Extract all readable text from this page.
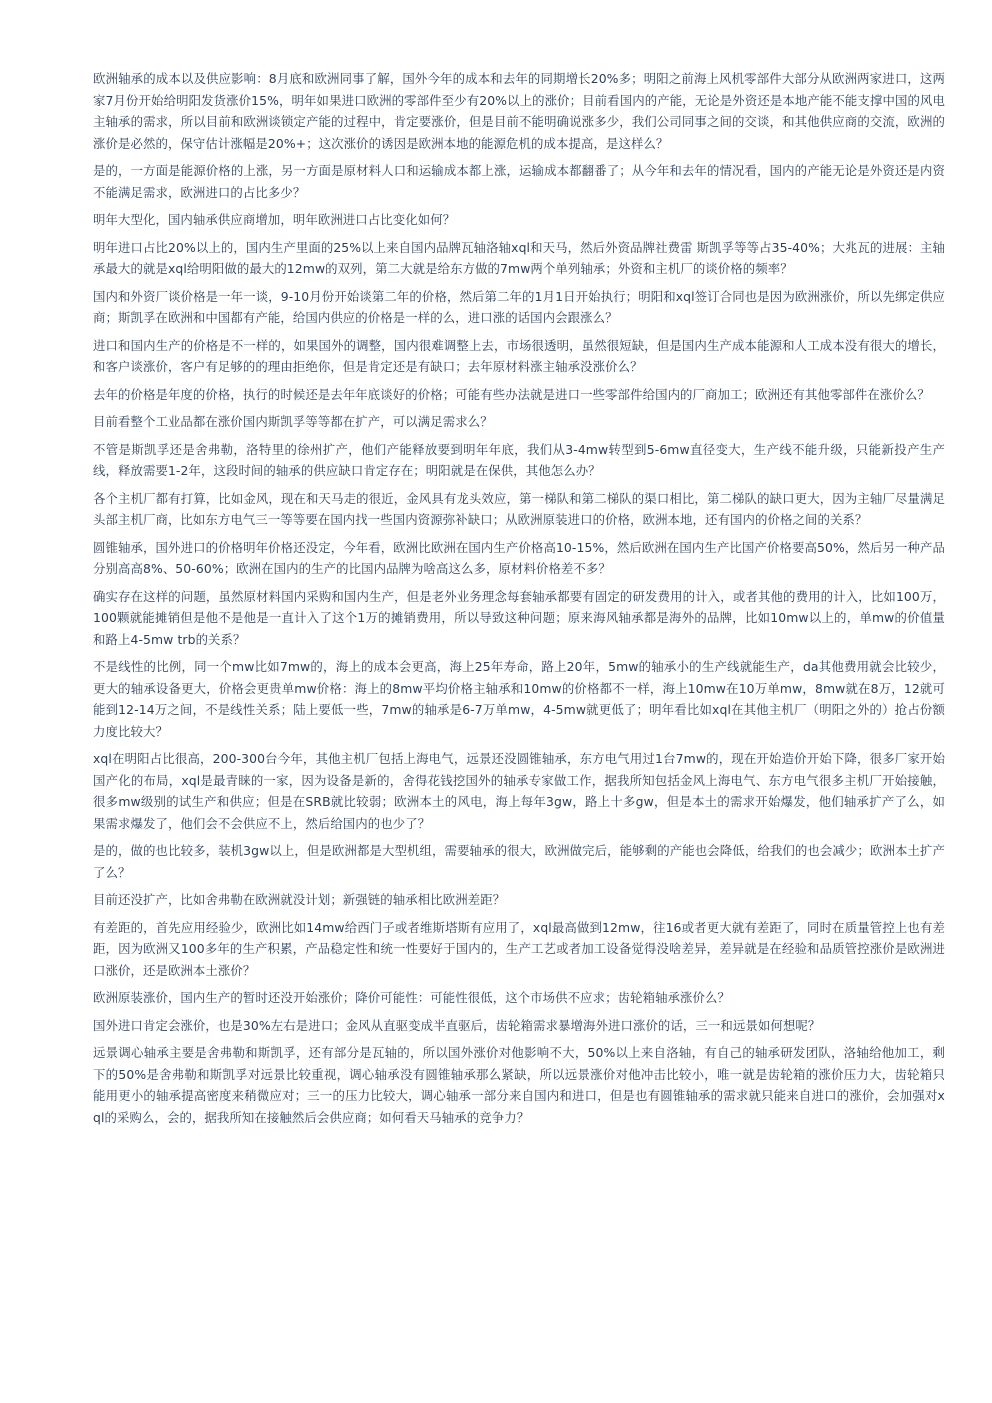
欧洲轴承的成本以及供应影响：8月底和欧洲同事了解，国外今年的成本和去年的同期增长20%多；明阳之前海上风机零部件大部分从欧洲两家进口，这两家7月份开始给明阳发货涨价15%，明年如果进口欧洲的零部件至少有20%以上的涨价；目前看国内的产能，无论是外资还是本地产能不能支撑中国的风电主轴承的需求，所以目前和欧洲谈锁定产能的过程中，肯定要涨价，但是目前不能明确说涨多少，我们公司同事之间的交谈，和其他供应商的交流，欧洲的涨价是必然的，保守估计涨幅是20%+；这次涨价的诱因是欧洲本地的能源危机的成本提高，是这样么？

是的，一方面是能源价格的上涨，另一方面是原材料人口和运输成本都上涨，运输成本都翻番了；从今年和去年的情况看，国内的产能无论是外资还是内资不能满足需求，欧洲进口的占比多少？

明年大型化，国内轴承供应商增加，明年欧洲进口占比变化如何？

明年进口占比20%以上的，国内生产里面的25%以上来自国内品牌瓦轴洛轴xql和天马，然后外资品牌社费雷 斯凯孚等等占35-40%；大兆瓦的进展：主轴承最大的就是xql给明阳做的最大的12mw的双列，第二大就是给东方做的7mw两个单列轴承；外资和主机厂的谈价格的频率？

国内和外资厂谈价格是一年一谈，9-10月份开始谈第二年的价格，然后第二年的1月1日开始执行；明阳和xql签订合同也是因为欧洲涨价，所以先绑定供应商；斯凯孚在欧洲和中国都有产能，给国内供应的价格是一样的么，进口涨的话国内会跟涨么？

进口和国内生产的价格是不一样的，如果国外的调整，国内很难调整上去，市场很透明，虽然很短缺，但是国内生产成本能源和人工成本没有很大的增长，和客户谈涨价，客户有足够的的理由拒绝你，但是肯定还是有缺口；去年原材料涨主轴承没涨价么？

去年的价格是年度的价格，执行的时候还是去年年底谈好的价格；可能有些办法就是进口一些零部件给国内的厂商加工；欧洲还有其他零部件在涨价么？

目前看整个工业品都在涨价国内斯凯孚等等都在扩产，可以满足需求么？

不管是斯凯孚还是舍弗勒，洛特里的徐州扩产，他们产能释放要到明年年底，我们从3-4mw转型到5-6mw直径变大，生产线不能升级，只能新投产生产线，释放需要1-2年，这段时间的轴承的供应缺口肯定存在；明阳就是在保供，其他怎么办？

各个主机厂都有打算，比如金风，现在和天马走的很近，金风具有龙头效应，第一梯队和第二梯队的渠口相比，第二梯队的缺口更大，因为主轴厂尽量满足头部主机厂商，比如东方电气三一等等要在国内找一些国内资源弥补缺口；从欧洲原装进口的价格，欧洲本地，还有国内的价格之间的关系？

圆锥轴承，国外进口的价格明年价格还没定，今年看，欧洲比欧洲在国内生产价格高10-15%，然后欧洲在国内生产比国产价格要高50%，然后另一种产品分别高高8%、50-60%；欧洲在国内的生产的比国内品牌为啥高这么多，原材料价格差不多？

确实存在这样的问题，虽然原材料国内采购和国内生产，但是老外业务理念每套轴承都要有固定的研发费用的计入，或者其他的费用的计入，比如100万，100颗就能摊销但是他不是他是一直计入了这个1万的摊销费用，所以导致这种问题；原来海风轴承都是海外的品牌，比如10mw以上的，单mw的价值量和路上4-5mw trb的关系？

不是线性的比例，同一个mw比如7mw的，海上的成本会更高，海上25年寿命，路上20年，5mw的轴承小的生产线就能生产，da其他费用就会比较少，更大的轴承设备更大，价格会更贵单mw价格：海上的8mw平均价格主轴承和10mw的价格都不一样，海上10mw在10万单mw，8mw就在8万，12就可能到12-14万之间，不是线性关系；陆上要低一些，7mw的轴承是6-7万单mw，4-5mw就更低了；明年看比如xql在其他主机厂（明阳之外的）抢占份额力度比较大？

xql在明阳占比很高，200-300台今年，其他主机厂包括上海电气，远景还没圆锥轴承，东方电气用过1台7mw的，现在开始造价开始下降，很多厂家开始国产化的布局，xql是最青睐的一家，因为设备是新的，舍得花钱挖国外的轴承专家做工作，据我所知包括金风上海电气、东方电气很多主机厂开始接触，很多mw级别的试生产和供应；但是在SRB就比较弱；欧洲本土的风电，海上每年3gw，路上十多gw，但是本土的需求开始爆发，他们轴承扩产了么，如果需求爆发了，他们会不会供应不上，然后给国内的也少了？

是的，做的也比较多，装机3gw以上，但是欧洲都是大型机组，需要轴承的很大，欧洲做完后，能够剩的产能也会降低，给我们的也会减少；欧洲本土扩产了么？

目前还没扩产，比如舍弗勒在欧洲就没计划；新强链的轴承相比欧洲差距？

有差距的，首先应用经验少，欧洲比如14mw给西门子或者维斯塔斯有应用了，xql最高做到12mw，往16或者更大就有差距了，同时在质量管控上也有差距，因为欧洲又100多年的生产积累，产品稳定性和统一性要好于国内的，生产工艺或者加工设备觉得没啥差异，差异就是在经验和品质管控涨价是欧洲进口涨价，还是欧洲本土涨价？

欧洲原装涨价，国内生产的暂时还没开始涨价；降价可能性：可能性很低，这个市场供不应求；齿轮箱轴承涨价么？

国外进口肯定会涨价，也是30%左右是进口；金风从直驱变成半直驱后，齿轮箱需求暴增海外进口涨价的话，三一和远景如何想呢？

远景调心轴承主要是舍弗勒和斯凯孚，还有部分是瓦轴的，所以国外涨价对他影响不大，50%以上来自洛轴，有自己的轴承研发团队，洛轴给他加工，剩下的50%是舍弗勒和斯凯孚对远景比较重视，调心轴承没有圆锥轴承那么紧缺，所以远景涨价对他冲击比较小，唯一就是齿轮箱的涨价压力大，齿轮箱只能用更小的轴承提高密度来稍微应对；三一的压力比较大，调心轴承一部分来自国内和进口，但是也有圆锥轴承的需求就只能来自进口的涨价，会加强对xql的采购么，会的，据我所知在接触然后会供应商；如何看天马轴承的竞争力？
